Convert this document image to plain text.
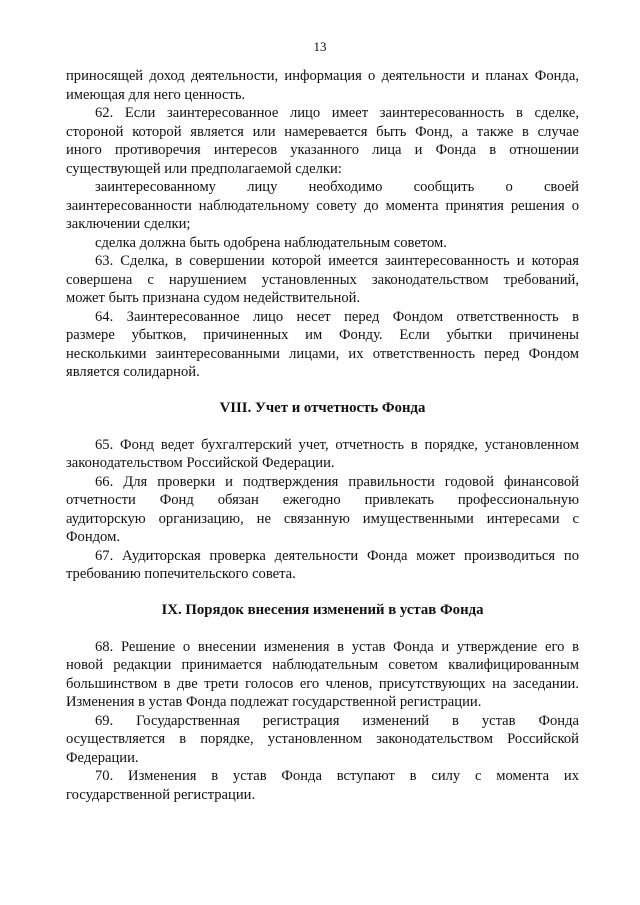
13
приносящей доход деятельности, информация о деятельности и планах Фонда,
имеющая для него ценность.
62. Если заинтересованное лицо имеет заинтересованность в сделке,
стороной которой является или намеревается быть Фонд, а также в случае
иного противоречия интересов указанного лица и Фонда в отношении
существующей или предполагаемой сделки:
заинтересованному лицу необходимо сообщить о своей
заинтересованности наблюдательному совету до момента принятия решения о
заключении сделки;
сделка должна быть одобрена наблюдательным советом.
63. Сделка, в совершении которой имеется заинтересованность и которая
совершена с нарушением установленных законодательством требований,
может быть признана судом недействительной.
64. Заинтересованное лицо несет перед Фондом ответственность в
размере убытков, причиненных им Фонду. Если убытки причинены
несколькими заинтересованными лицами, их ответственность перед Фондом
является солидарной.
VIII. Учет и отчетность Фонда
65. Фонд ведет бухгалтерский учет, отчетность в порядке, установленном
законодательством Российской Федерации.
66. Для проверки и подтверждения правильности годовой финансовой
отчетности Фонд обязан ежегодно привлекать профессиональную
аудиторскую организацию, не связанную имущественными интересами с
Фондом.
67. Аудиторская проверка деятельности Фонда может производиться по
требованию попечительского совета.
IX. Порядок внесения изменений в устав Фонда
68. Решение о внесении изменения в устав Фонда и утверждение его в
новой редакции принимается наблюдательным советом квалифицированным
большинством в две трети голосов его членов, присутствующих на заседании.
Изменения в устав Фонда подлежат государственной регистрации.
69. Государственная регистрация изменений в устав Фонда
осуществляется в порядке, установленном законодательством Российской
Федерации.
70. Изменения в устав Фонда вступают в силу с момента их
государственной регистрации.
